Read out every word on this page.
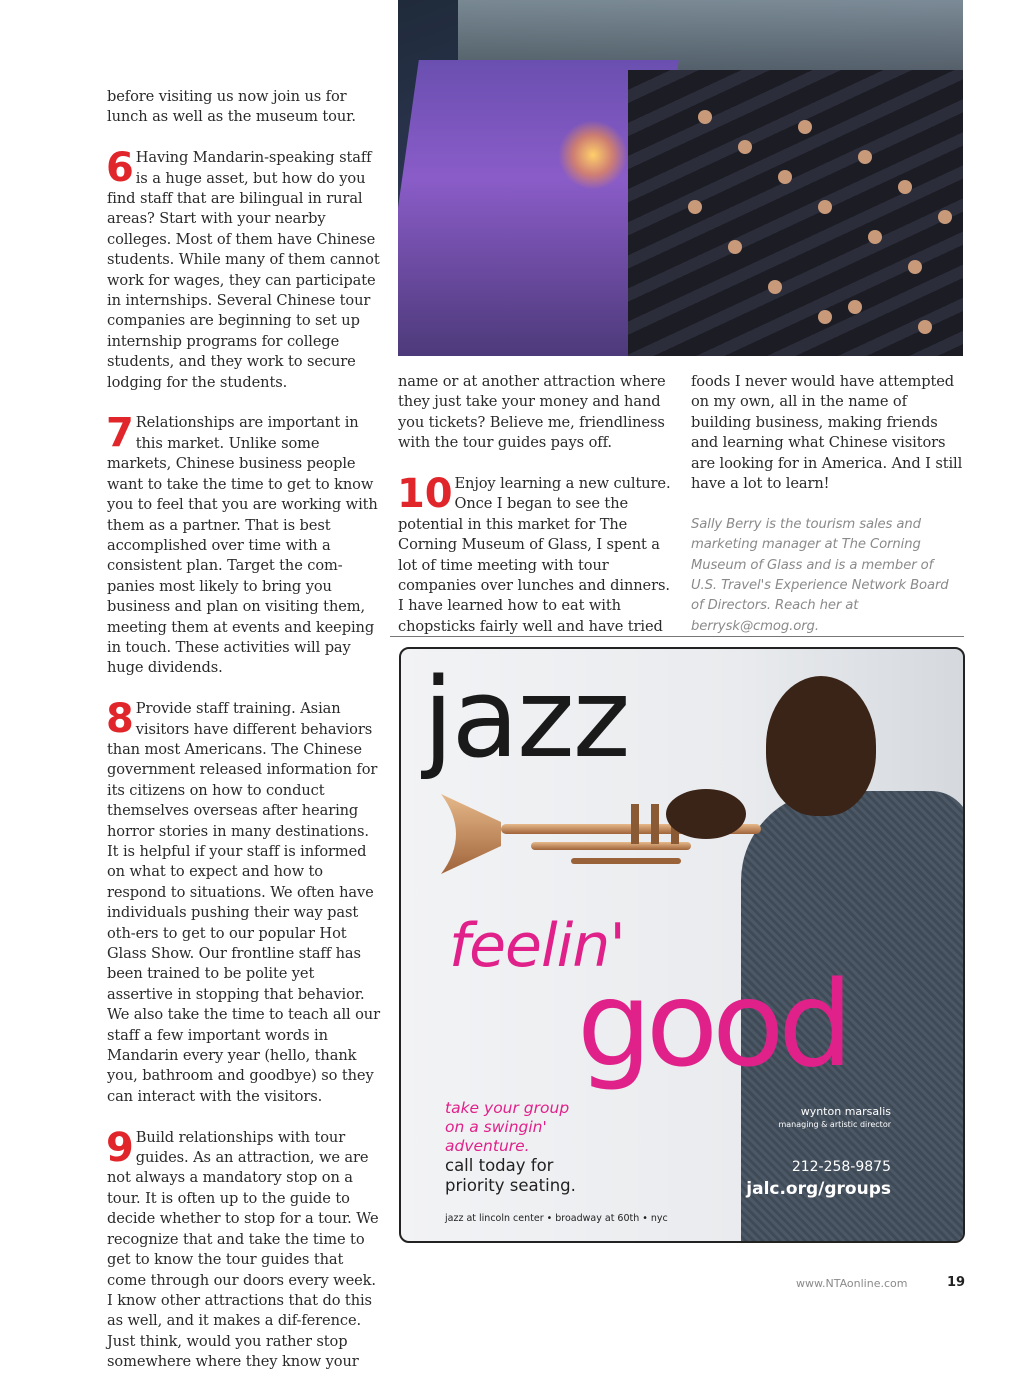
before visiting us now join us for lunch as well as the museum tour.

6 Having Mandarin-speaking staff is a huge asset, but how do you find staff that are bilingual in rural areas? Start with your nearby colleges. Most of them have Chinese students. While many of them cannot work for wages, they can participate in internships. Several Chinese tour companies are beginning to set up internship programs for college students, and they work to secure lodging for the students.

7 Relationships are important in this market. Unlike some markets, Chinese business people want to take the time to get to know you to feel that you are working with them as a partner. That is best accomplished over time with a consistent plan. Target the com-panies most likely to bring you business and plan on visiting them, meeting them at events and keeping in touch. These activities will pay huge dividends.

8 Provide staff training. Asian visitors have different behaviors than most Americans. The Chinese government released information for its citizens on how to conduct themselves overseas after hearing horror stories in many destinations. It is helpful if your staff is informed on what to expect and how to respond to situations. We often have individuals pushing their way past oth-ers to get to our popular Hot Glass Show. Our frontline staff has been trained to be polite yet assertive in stopping that behavior. We also take the time to teach all our staff a few important words in Mandarin every year (hello, thank you, bathroom and goodbye) so they can interact with the visitors.

9 Build relationships with tour guides. As an attraction, we are not always a mandatory stop on a tour. It is often up to the guide to decide whether to stop for a tour. We recognize that and take the time to get to know the tour guides that come through our doors every week. I know other attractions that do this as well, and it makes a dif-ference. Just think, would you rather stop somewhere where they know your

name or at another attraction where they just take your money and hand you tickets? Believe me, friendliness with the tour guides pays off.

10 Enjoy learning a new culture. Once I began to see the potential in this market for The Corning Museum of Glass, I spent a lot of time meeting with tour companies over lunches and dinners. I have learned how to eat with chopsticks fairly well and have tried

foods I never would have attempted on my own, all in the name of building business, making friends and learning what Chinese visitors are looking for in America. And I still have a lot to learn!

Sally Berry is the tourism sales and marketing manager at The Corning Museum of Glass and is a member of U.S. Travel's Experience Network Board of Directors. Reach her at berrysk@cmog.org.

jazz
feelin'
good
take your group
on a swingin'
adventure.
call today for
priority seating.
jazz at lincoln center • broadway at 60th • nyc
wynton marsalis
managing & artistic director
212-258-9875
jalc.org/groups
www.NTAonline.com	19
